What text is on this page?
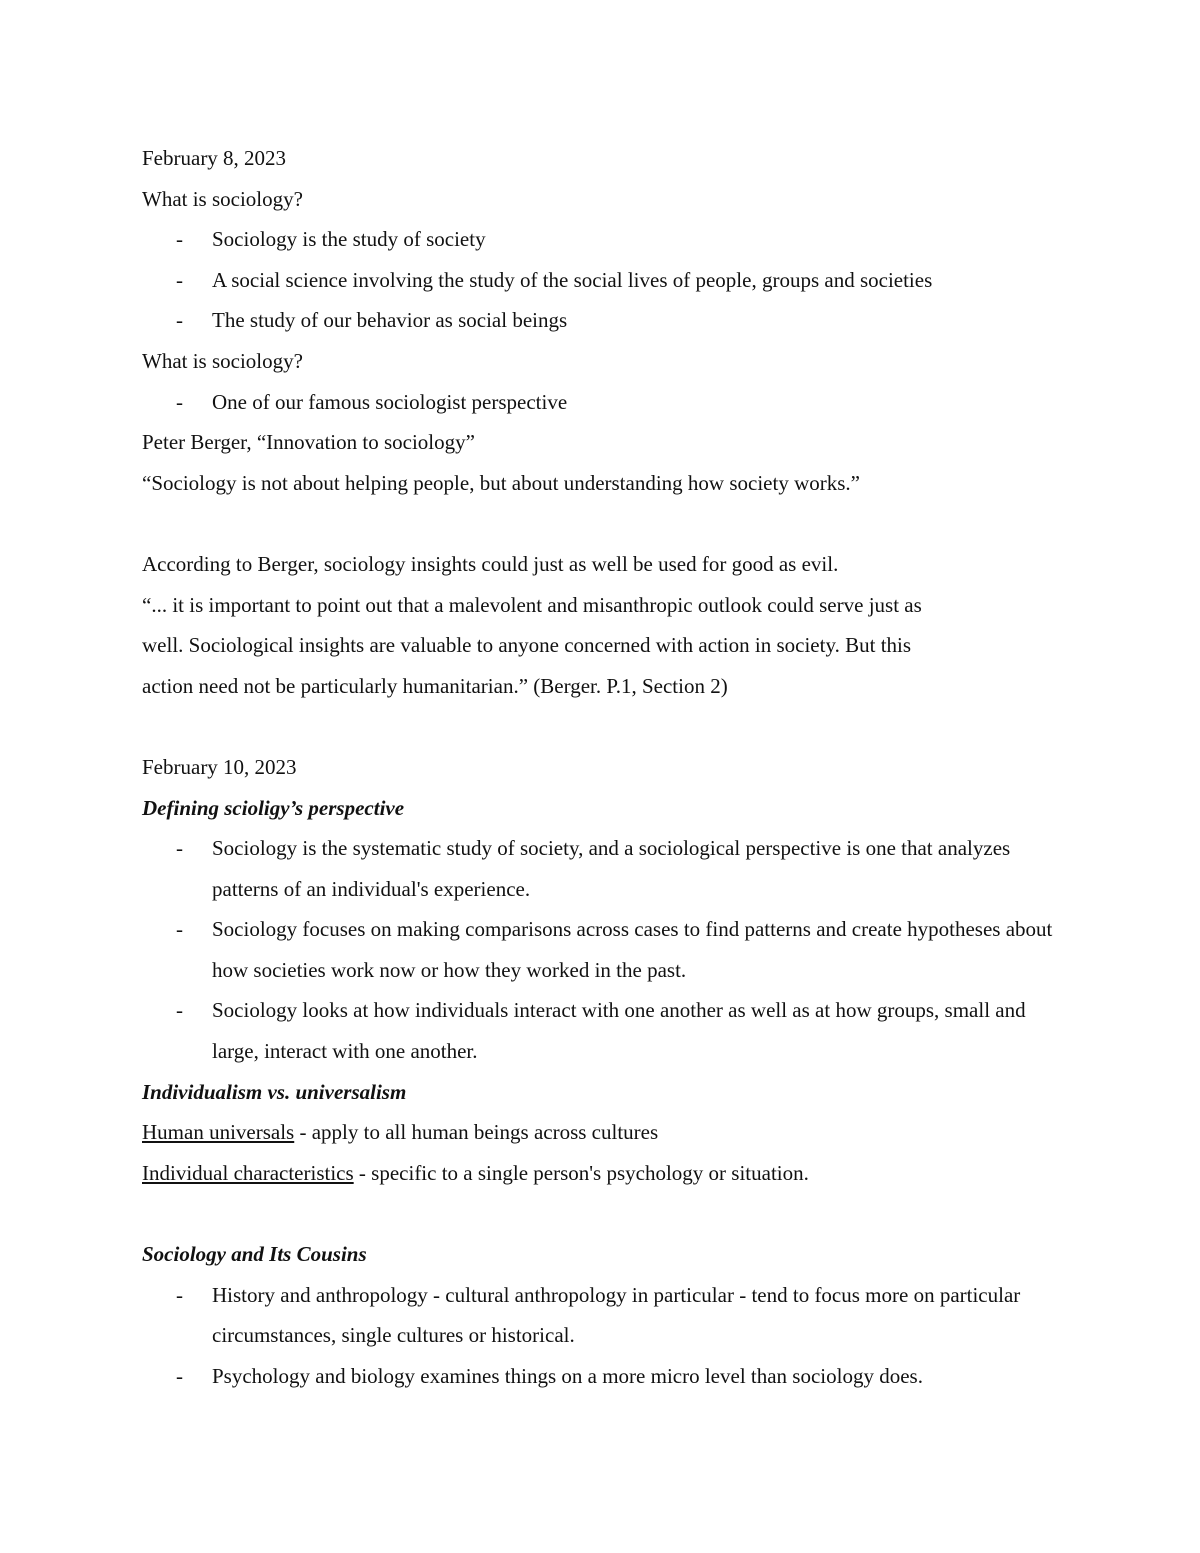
February 8, 2023
What is sociology?
- Sociology is the study of society
- A social science involving the study of the social lives of people, groups and societies
- The study of our behavior as social beings
What is sociology?
- One of our famous sociologist perspective
Peter Berger, “Innovation to sociology”
“Sociology is not about helping people, but about understanding how society works.”
According to Berger, sociology insights could just as well be used for good as evil.
“... it is important to point out that a malevolent and misanthropic outlook could serve just as
well. Sociological insights are valuable to anyone concerned with action in society. But this
action need not be particularly humanitarian.” (Berger. P.1, Section 2)
February 10, 2023
Defining scioligy’s perspective
- Sociology is the systematic study of society, and a sociological perspective is one that analyzes patterns of an individual's experience.
- Sociology focuses on making comparisons across cases to find patterns and create hypotheses about how societies work now or how they worked in the past.
- Sociology looks at how individuals interact with one another as well as at how groups, small and large, interact with one another.
Individualism vs. universalism
Human universals - apply to all human beings across cultures
Individual characteristics - specific to a single person's psychology or situation.
Sociology and Its Cousins
- History and anthropology - cultural anthropology in particular - tend to focus more on particular circumstances, single cultures or historical.
- Psychology and biology examines things on a more micro level than sociology does.
